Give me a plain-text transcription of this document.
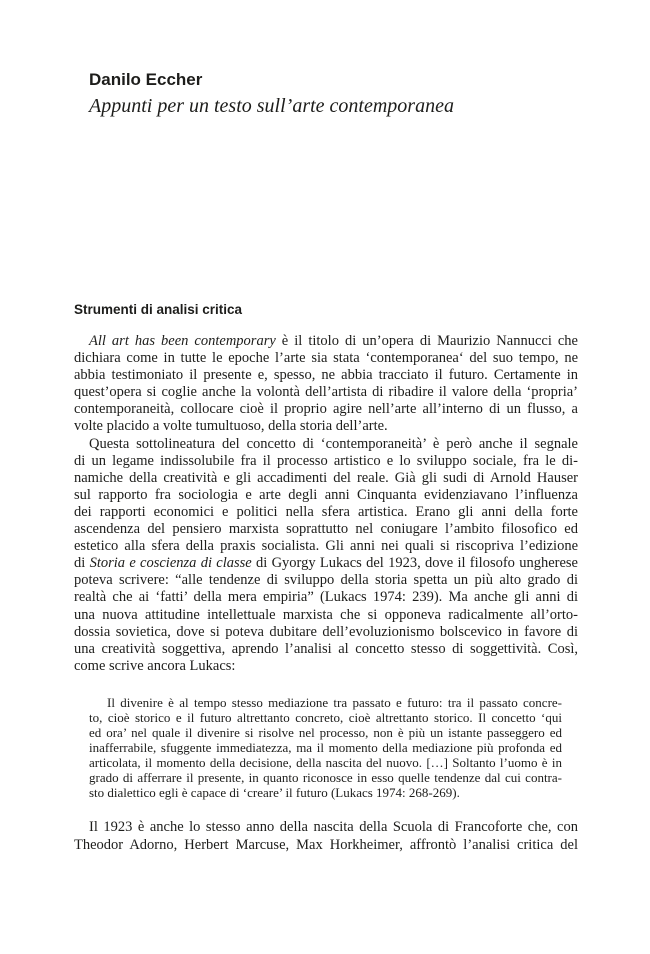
Danilo Eccher
Appunti per un testo sull’arte contemporanea
Strumenti di analisi critica
All art has been contemporary è il titolo di un’opera di Maurizio Nannucci che
dichiara come in tutte le epoche l’arte sia stata ‘contemporanea‘ del suo tempo, ne
abbia testimoniato il presente e, spesso, ne abbia tracciato il futuro. Certamente in
quest’opera si coglie anche la volontà dell’artista di ribadire il valore della ‘propria’
contemporaneità, collocare cioè il proprio agire nell’arte all’interno di un flusso, a
volte placido a volte tumultuoso, della storia dell’arte.
Questa sottolineatura del concetto di ‘contemporaneità’ è però anche il segnale
di un legame indissolubile fra il processo artistico e lo sviluppo sociale, fra le di-
namiche della creatività e gli accadimenti del reale. Già gli sudi di Arnold Hauser
sul rapporto fra sociologia e arte degli anni Cinquanta evidenziavano l’influenza
dei rapporti economici e politici nella sfera artistica. Erano gli anni della forte
ascendenza del pensiero marxista soprattutto nel coniugare l’ambito filosofico ed
estetico alla sfera della praxis socialista. Gli anni nei quali si riscopriva l’edizione
di Storia e coscienza di classe di Gyorgy Lukacs del 1923, dove il filosofo ungherese
poteva scrivere: “alle tendenze di sviluppo della storia spetta un più alto grado di
realtà che ai ‘fatti’ della mera empiria” (Lukacs 1974: 239). Ma anche gli anni di
una nuova attitudine intellettuale marxista che si opponeva radicalmente all’orto-
dossia sovietica, dove si poteva dubitare dell’evoluzionismo bolscevico in favore di
una creatività soggettiva, aprendo l’analisi al concetto stesso di soggettività. Così,
come scrive ancora Lukacs:
Il divenire è al tempo stesso mediazione tra passato e futuro: tra il passato concre-
to, cioè storico e il futuro altrettanto concreto, cioè altrettanto storico. Il concetto ‘qui
ed ora’ nel quale il divenire si risolve nel processo, non è più un istante passeggero ed
inafferrabile, sfuggente immediatezza, ma il momento della mediazione più profonda ed
articolata, il momento della decisione, della nascita del nuovo. […] Soltanto l’uomo è in
grado di afferrare il presente, in quanto riconosce in esso quelle tendenze dal cui contra-
sto dialettico egli è capace di ‘creare’ il futuro (Lukacs 1974: 268-269).
Il 1923 è anche lo stesso anno della nascita della Scuola di Francoforte che, con
Theodor Adorno, Herbert Marcuse, Max Horkheimer, affrontò l’analisi critica del
